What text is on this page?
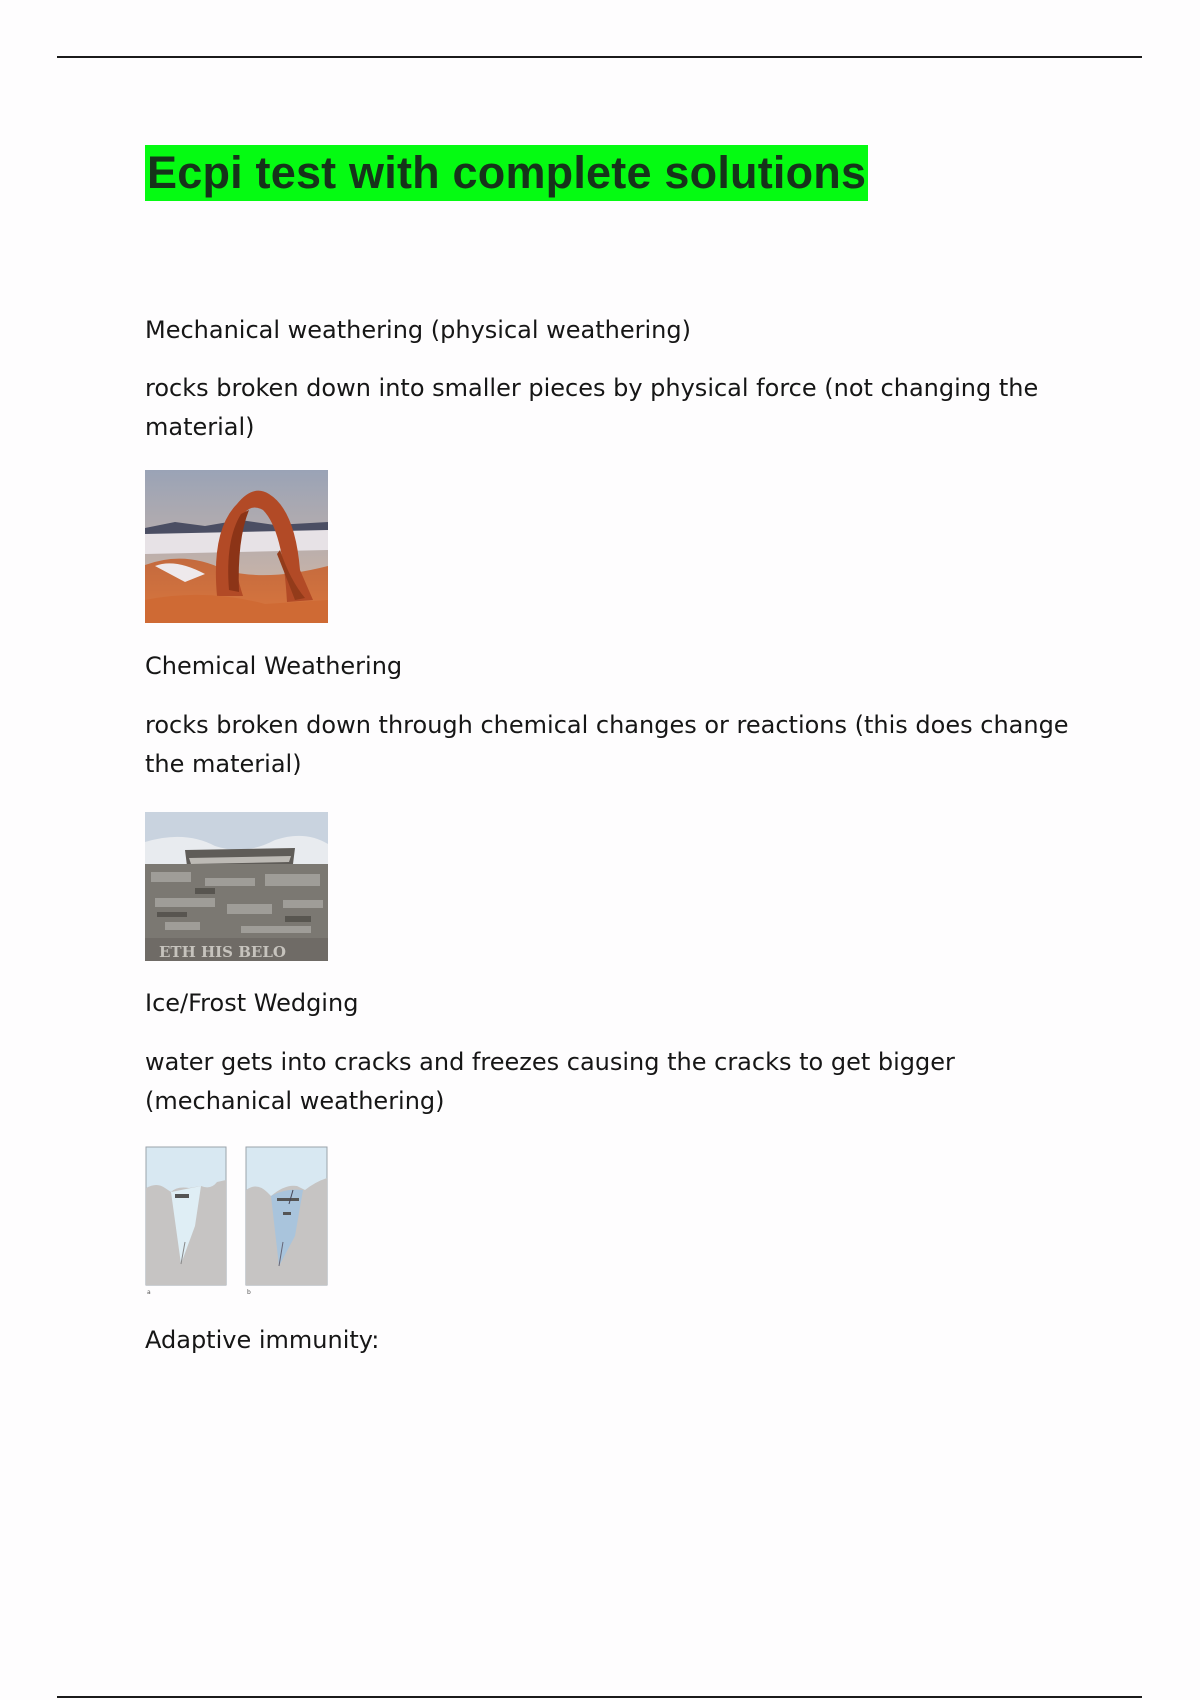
Ecpi test with complete solutions

Mechanical weathering (physical weathering)

rocks broken down into smaller pieces by physical force (not changing the material)

Chemical Weathering

rocks broken down through chemical changes or reactions (this does change the material)

ETH HIS BELO

Ice/Frost Wedging

water gets into cracks and freezes causing the cracks to get bigger (mechanical weathering)

a	b

Adaptive immunity:
